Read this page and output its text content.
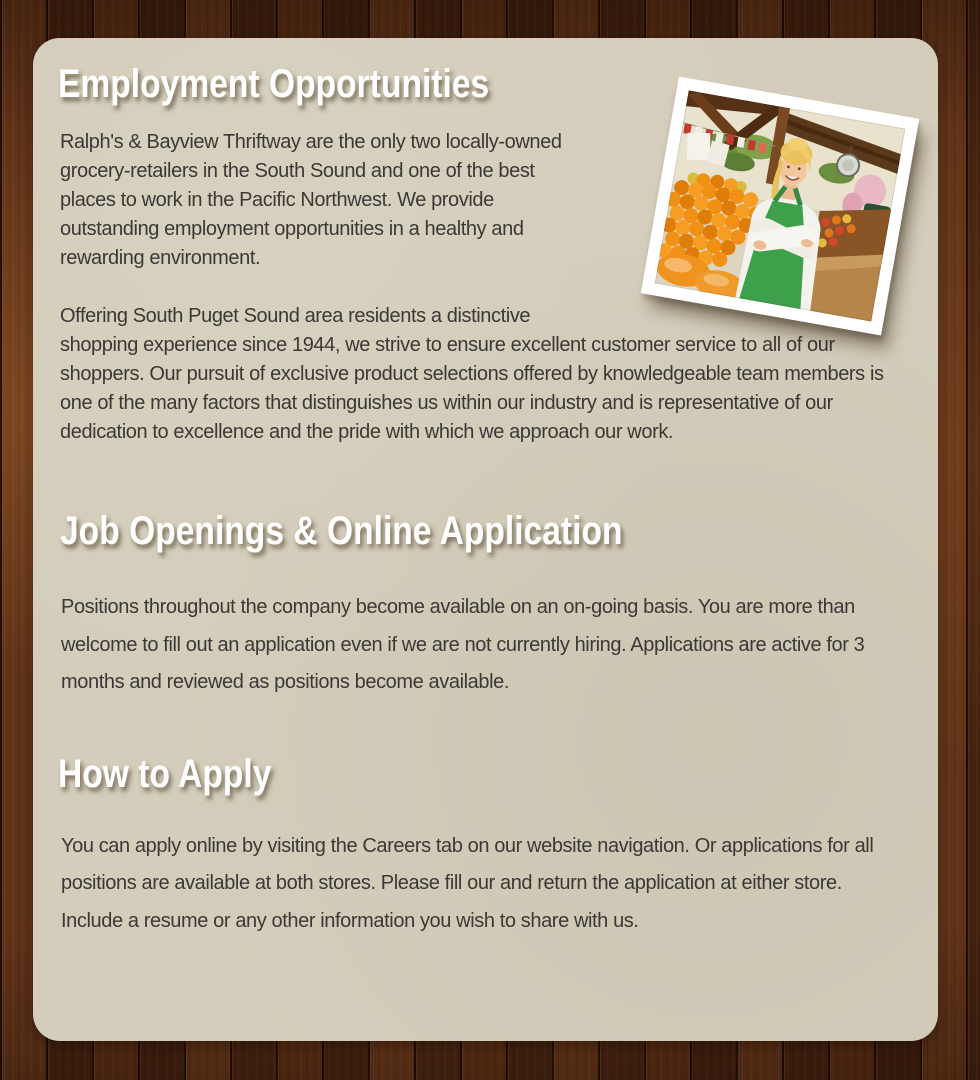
Employment Opportunities

Ralph's & Bayview Thriftway are the only two locally-owned grocery-retailers in the South Sound and one of the best places to work in the Pacific Northwest. We provide outstanding employment opportunities in a healthy and rewarding environment.

Offering South Puget Sound area residents a distinctive shopping experience since 1944, we strive to ensure excellent customer service to all of our shoppers. Our pursuit of exclusive product selections offered by knowledgeable team members is one of the many factors that distinguishes us within our industry and is representative of our dedication to excellence and the pride with which we approach our work.

Job Openings & Online Application

Positions throughout the company become available on an on-going basis. You are more than welcome to fill out an application even if we are not currently hiring. Applications are active for 3 months and reviewed as positions become available.

How to Apply

You can apply online by visiting the Careers tab on our website navigation. Or applications for all positions are available at both stores. Please fill our and return the application at either store. Include a resume or any other information you wish to share with us.
